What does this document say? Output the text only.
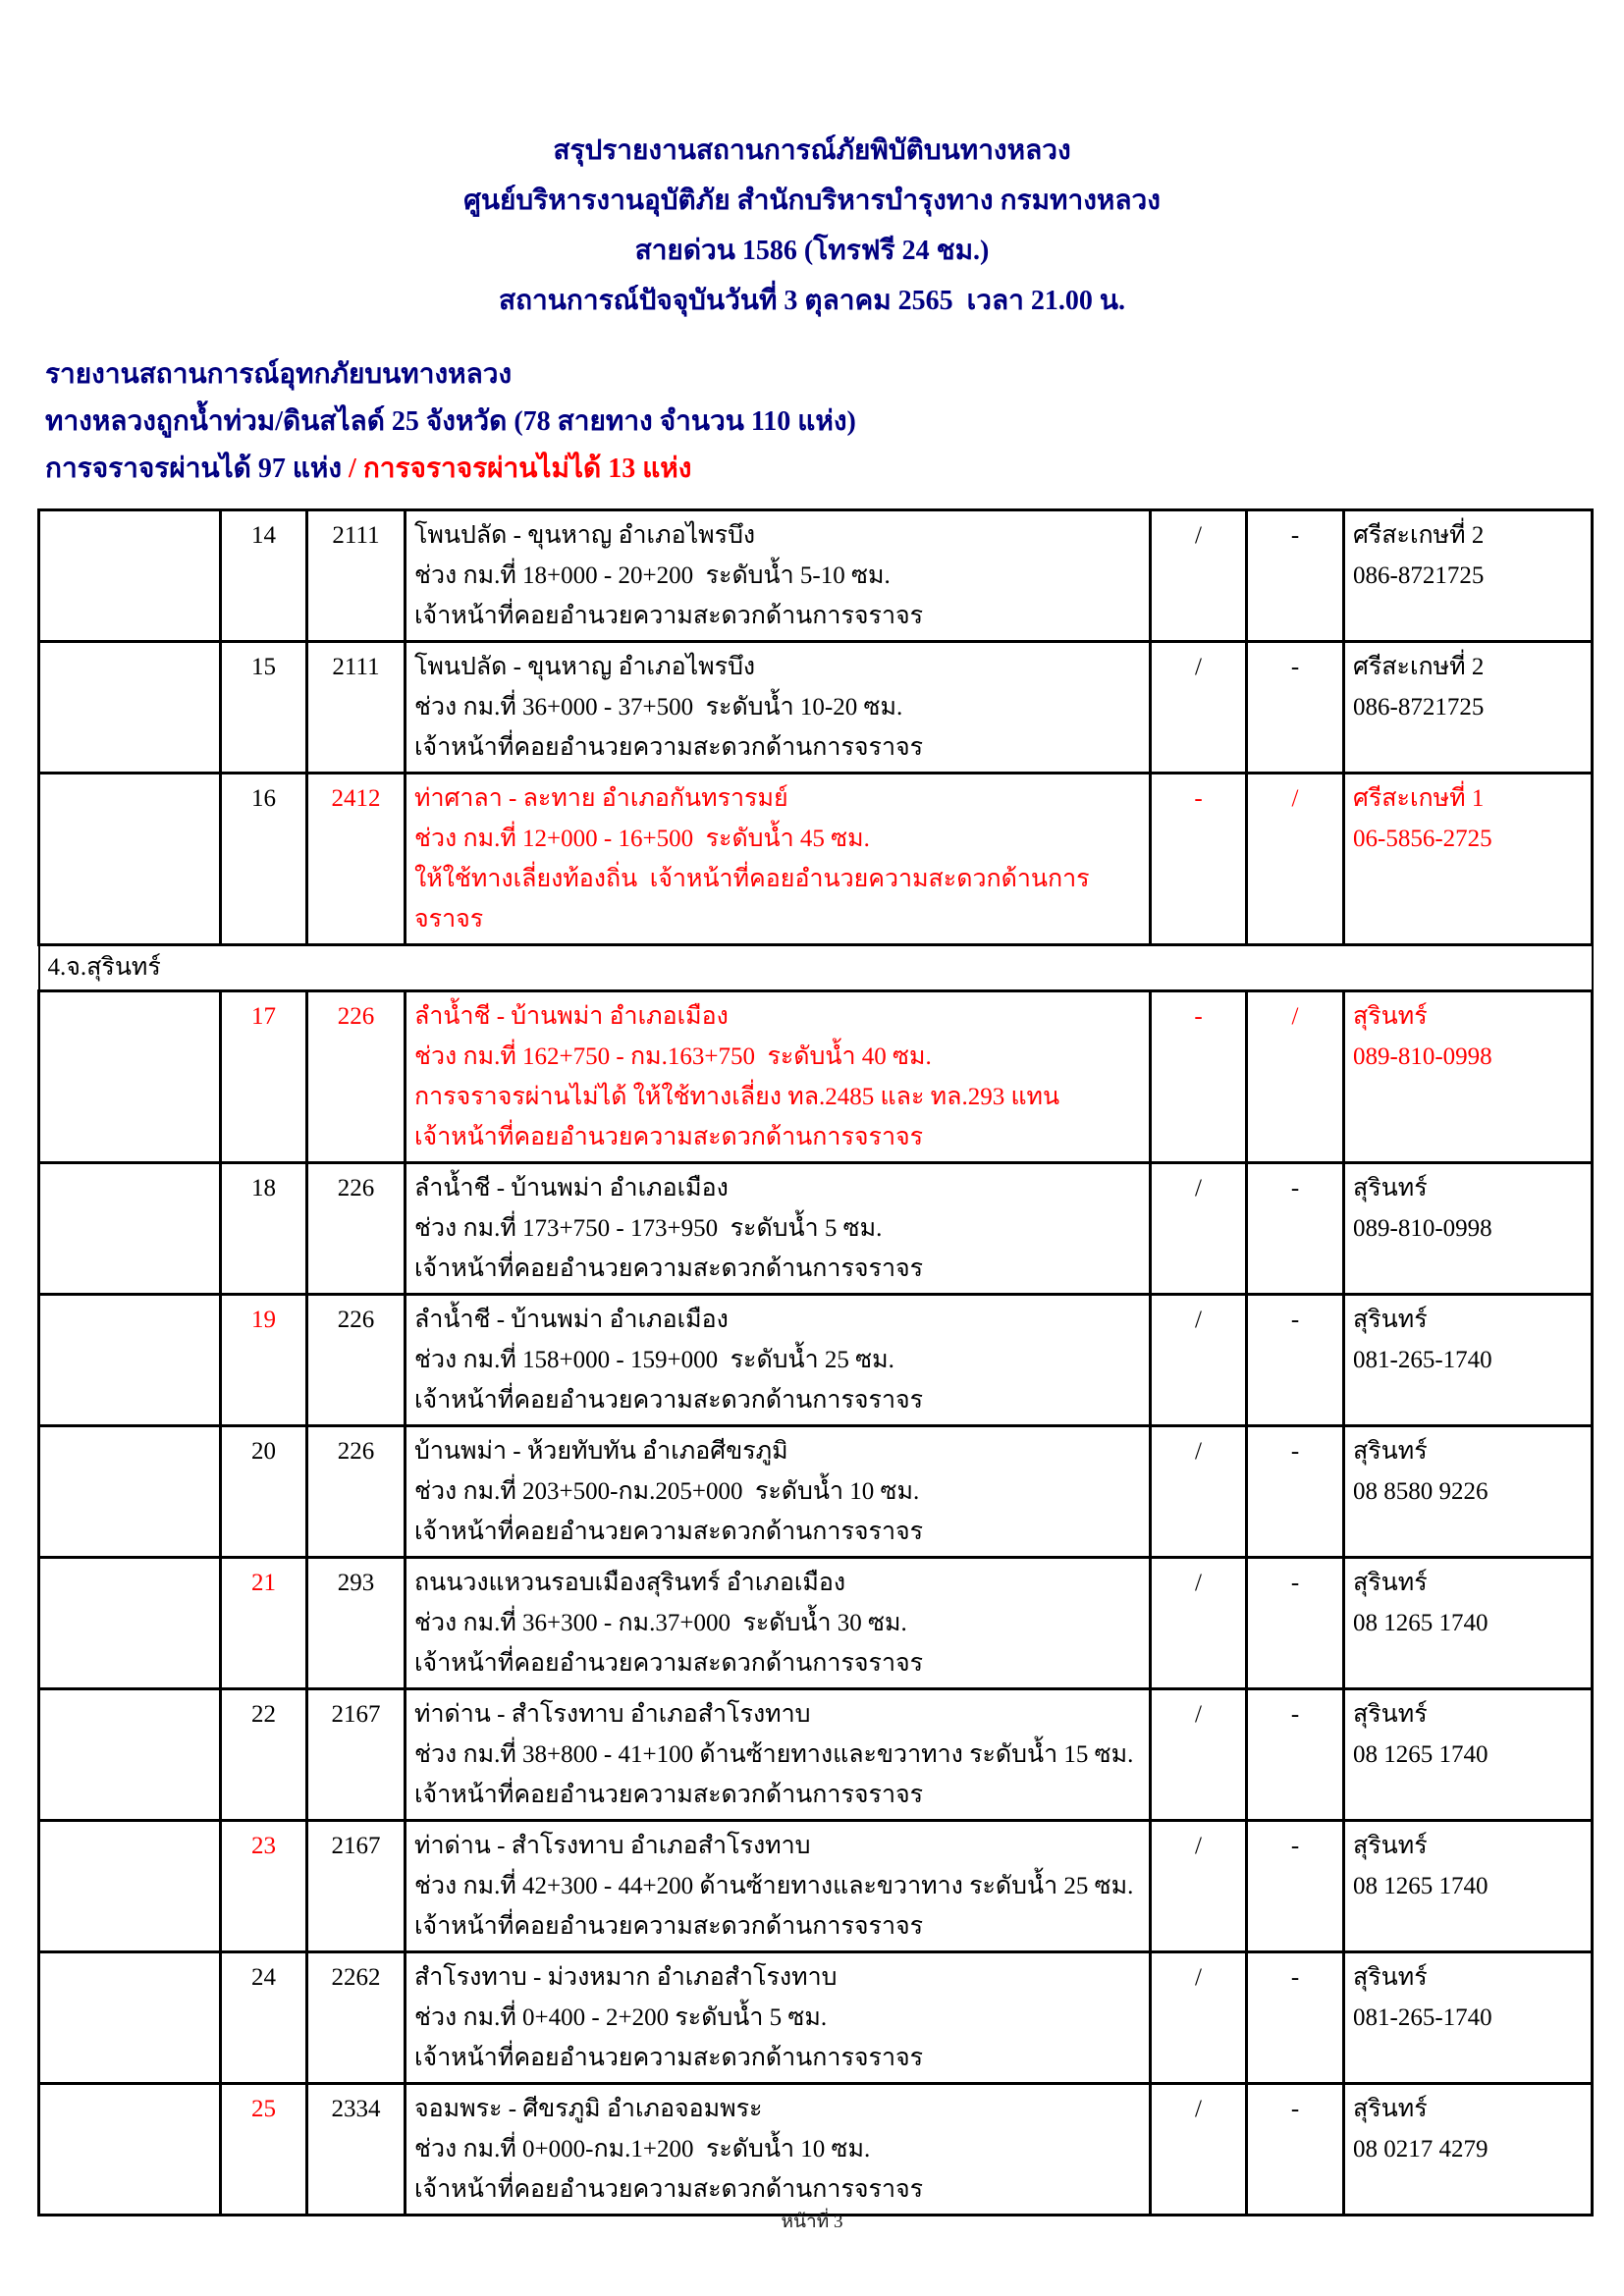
สรุปรายงานสถานการณ์ภัยพิบัติบนทางหลวง
ศูนย์บริหารงานอุบัติภัย สำนักบริหารบำรุงทาง กรมทางหลวง
สายด่วน 1586 (โทรฟรี 24 ชม.)
สถานการณ์ปัจจุบันวันที่ 3 ตุลาคม 2565  เวลา 21.00 น.
รายงานสถานการณ์อุทกภัยบนทางหลวง
ทางหลวงถูกน้ำท่วม/ดินสไลด์ 25 จังหวัด (78 สายทาง จำนวน 110 แห่ง)
การจราจรผ่านได้ 97 แห่ง / การจราจรผ่านไม่ได้ 13 แห่ง
	14	2111	โพนปลัด - ขุนหาญ อำเภอไพรบึง
ช่วง กม.ที่ 18+000 - 20+200  ระดับน้ำ 5-10 ซม.
เจ้าหน้าที่คอยอำนวยความสะดวกด้านการจราจร
	/	-	ศรีสะเกษที่ 2
086-8721725

	15	2111	โพนปลัด - ขุนหาญ อำเภอไพรบึง
ช่วง กม.ที่ 36+000 - 37+500  ระดับน้ำ 10-20 ซม.
เจ้าหน้าที่คอยอำนวยความสะดวกด้านการจราจร
	/	-	ศรีสะเกษที่ 2
086-8721725

	16	2412	ท่าศาลา - ละทาย อำเภอกันทรารมย์
ช่วง กม.ที่ 12+000 - 16+500  ระดับน้ำ 45 ซม.
ให้ใช้ทางเลี่ยงท้องถิ่น  เจ้าหน้าที่คอยอำนวยความสะดวกด้านการจราจร
	-	/	ศรีสะเกษที่ 1
06-5856-2725

4.จ.สุรินทร์						
	17	226	ลำน้ำชี - บ้านพม่า อำเภอเมือง
ช่วง กม.ที่ 162+750 - กม.163+750  ระดับน้ำ 40 ซม.
การจราจรผ่านไม่ได้ ให้ใช้ทางเลี่ยง ทล.2485 และ ทล.293 แทน
เจ้าหน้าที่คอยอำนวยความสะดวกด้านการจราจร
	-	/	สุรินทร์
089-810-0998

	18	226	ลำน้ำชี - บ้านพม่า อำเภอเมือง
ช่วง กม.ที่ 173+750 - 173+950  ระดับน้ำ 5 ซม.
เจ้าหน้าที่คอยอำนวยความสะดวกด้านการจราจร
	/	-	สุรินทร์
089-810-0998

	19	226	ลำน้ำชี - บ้านพม่า อำเภอเมือง
ช่วง กม.ที่ 158+000 - 159+000  ระดับน้ำ 25 ซม.
เจ้าหน้าที่คอยอำนวยความสะดวกด้านการจราจร
	/	-	สุรินทร์
081-265-1740

	20	226	บ้านพม่า - ห้วยทับทัน อำเภอศีขรภูมิ
ช่วง กม.ที่ 203+500-กม.205+000  ระดับน้ำ 10 ซม.
เจ้าหน้าที่คอยอำนวยความสะดวกด้านการจราจร
	/	-	สุรินทร์
08 8580 9226

	21	293	ถนนวงแหวนรอบเมืองสุรินทร์ อำเภอเมือง
ช่วง กม.ที่ 36+300 - กม.37+000  ระดับน้ำ 30 ซม.
เจ้าหน้าที่คอยอำนวยความสะดวกด้านการจราจร
	/	-	สุรินทร์
08 1265 1740

	22	2167	ท่าด่าน - สำโรงทาบ อำเภอสำโรงทาบ
ช่วง กม.ที่ 38+800 - 41+100 ด้านซ้ายทางและขวาทาง ระดับน้ำ 15 ซม.
เจ้าหน้าที่คอยอำนวยความสะดวกด้านการจราจร
	/	-	สุรินทร์
08 1265 1740

	23	2167	ท่าด่าน - สำโรงทาบ อำเภอสำโรงทาบ
ช่วง กม.ที่ 42+300 - 44+200 ด้านซ้ายทางและขวาทาง ระดับน้ำ 25 ซม.
เจ้าหน้าที่คอยอำนวยความสะดวกด้านการจราจร
	/	-	สุรินทร์
08 1265 1740

	24	2262	สำโรงทาบ - ม่วงหมาก อำเภอสำโรงทาบ
ช่วง กม.ที่ 0+400 - 2+200 ระดับน้ำ 5 ซม.
เจ้าหน้าที่คอยอำนวยความสะดวกด้านการจราจร
	/	-	สุรินทร์
081-265-1740

	25	2334	จอมพระ - ศีขรภูมิ อำเภอจอมพระ
ช่วง กม.ที่ 0+000-กม.1+200  ระดับน้ำ 10 ซม.
เจ้าหน้าที่คอยอำนวยความสะดวกด้านการจราจร
	/	-	สุรินทร์
08 0217 4279
หน้าที่ 3
